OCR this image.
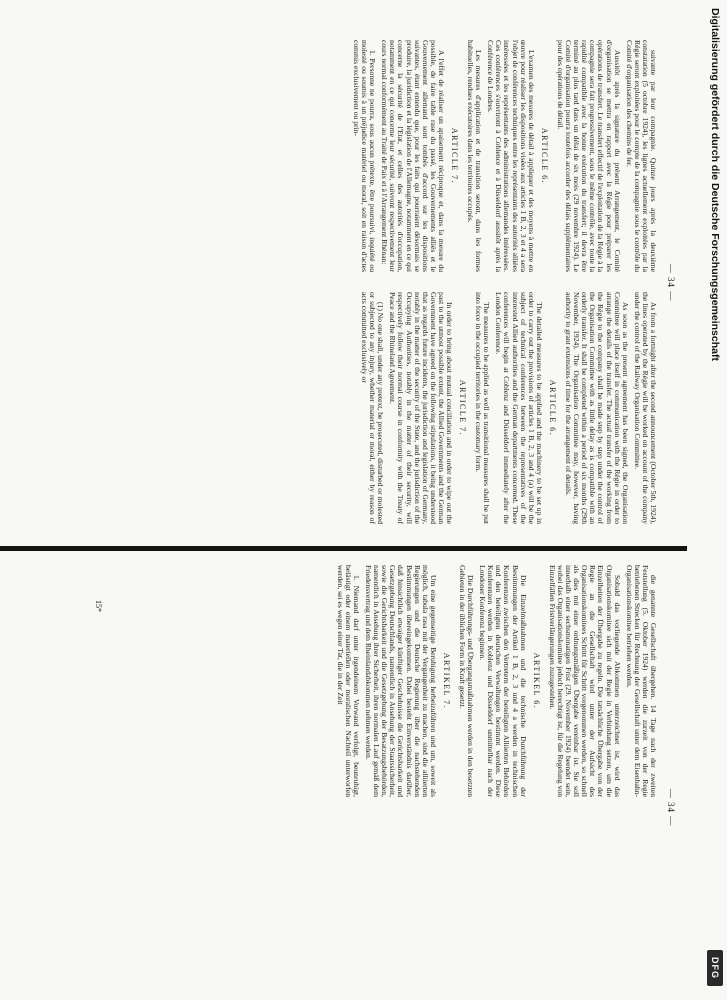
— 34 —

suivante par leur compagnie. Quinze jours après la deuxième constatation (5 octobre 1924), les lignes actuellement exploitées par la Régie seront exploitées pour le compte de la compagnie sous le contrôle du Comité d'organisation des chemins de fer.

Aussitôt après la signature du présent Arrangement, le Comité d'organisation se mettra en rapport avec la Régie pour préparer les opérations de transfert. Le transfert effectif de l'exploitation de la Régie à la compagnie sera fait progressivement, sous le même contrôle, avec toute la rapidité compatible avec la bonne exécution du transfert; il devra être terminé au plus tard dans un délai de six mois (29 novembre 1924). Le Comité d'organisation pourra toutefois accorder des délais supplémentaires pour des opérations de détail.

ARTICLE 6.

L'examen des mesures de détail à appliquer et des moyens à mettre en œuvre pour réaliser les dispositions visées aux articles 1 B, 2, 3 et 4 a sera l'objet de conférences techniques entre les représentants des autorités alliées intéressées et les représentants des administrations allemandes intéressées. Ces conférences s'ouvriront à Coblence et à Düsseldorf aussitôt après la Conférence de Londres.

Les mesures d'application et de transition seront, dans les formes habituelles, rendues exécutoires dans les territoires occupés.

ARTICLE 7.

A l'effet de réaliser un apaisement réciproque et, dans la mesure du possible, de faire table rase du passé, les Gouvernements alliés et le Gouvernement allemand sont tombés d'accord sur les dispositions suivantes, étant entendu que, pour les faits qui pourraient désormais se produire, la juridiction et la législation de l'Allemagne, notamment en ce qui concerne la sécurité de l'Etat, et celles des autorités d'occupation, notamment en ce qui concerne leur sécurité, suivront respectivement leur cours normal conformément au Traité de Paix et à l'Arrangement Rhénan:

1. Personne ne pourra, sous aucun prétexte, être poursuivi, inquiété ou molesté ou soumis à un préjudice matériel ou moral, soit en raison d'actes commis exclusivement ou prin-

As from a fortnight after the second announcement (October 5th, 1924), the lines operated by the Régie will be worked on account of the company under the control of the Railway Organisation Committee.

As soon as the present agreement has been signed, the Organisation Committee will place itself in communication with the Régie in order to arrange the details of the transfer. The actual transfer of the working from the Régie to the company shall be made step by step under the control of the Organisation Committee with as little delay as is compatible with an orderly transfer. It shall be completed within a period of six months (29th November, 1924). The Organisation Committee may, however, having authority to grant extensions of time for the arrangement of details.

ARTICLE 6.

The detailed measures to be applied and the machinery to be set up in order to carry out the provisions of articles 1 B, 2, 3 and 4 (a) will be the subject of technical conferences between the representatives of the interested Allied authorities and the German departments concerned. These conferences will begin at Coblenz and Düsseldorf immediately after the London Conference.

The measures to be applied as well as transitional measures shall be put into force in the occupied territories in the customary form.

ARTICLE 7.

In order to bring about mutual conciliation and in order to wipe out the past to the utmost possible extent, the Allied Governments and the German Government have agreed on the following stipulations, it being understood that as regards future incidents, the jurisdiction and legislation of Germany, notably in the matter of the security of the State, and the jurisdiction of the Occupying Authorities, notably in the matter of their security, will respectively follow their normal course in conformity with the Treaty of Peace and the Rhineland Agreement.

(1) No one shall, under any pretext, be prosecuted, disturbed or molested or subjected to any injury, whether material or moral, either by reason of acts committed exclusively or

— 34 —

die genannte Gesellschaft übergehen. 14 Tage nach der zweiten Feststellung (5. Oktober 1924) werden die zurzeit von der Regie betriebenen Strecken für Rechnung der Gesellschaft unter dem Eisenbahn-Organisationskomitee betrieben werden.

Sobald das vorliegende Abkommen unterzeichnet ist, wird das Organisationskomitee sich mit der Regie in Verbindung setzen, um die Einzelheiten der Übergabe zu regeln. Die tatsächliche Übergabe von der Regie an die Gesellschaft wird unter der Aufsicht des Organisationskomitees Schritt für Schritt vorgenommen werden, so schnell als dies mit einer ordnungsmäßigen Übergabe vereinbar ist. Sie soll innerhalb einer sechsmonatigen Frist (29. November 1924) beendet sein, wobei das Organisationskomitee jedoch berechtigt ist, für die Regelung von Einzelfällen Fristverlängerungen zuzugestehen.

ARTIKEL 6.

Die Einzelmaßnahmen und die technische Durchführung der Bestimmungen der Artikel 1 B, 2, 3 und 4 a werden in technischen Konferenzen zwischen den Vertretern der beteiligten Alliierten Behörden und den beteiligten deutschen Verwaltungen bestimmt werden. Diese Konferenzen werden in Koblenz und Düsseldorf unmittelbar nach der Londoner Konferenz beginnen.

Die Durchführungs- und Übergangsmaßnahmen werden in den besetzten Gebieten in der üblichen Form in Kraft gesetzt.

ARTIKEL 7.

Um eine gegenseitige Beruhigung herbeizuführen und um, soweit als möglich, tabula rasa mit der Vergangenheit zu machen, sind die alliierten Regierungen und die Deutsche Regierung über die nachstehenden Bestimmungen übereingekommen. Dabei besteht Einverständnis darüber, daß hinsichtlich etwaiger künftiger Geschehnisse die Gerichtsbarkeit und Gesetzgebung Deutschlands, namentlich in Ansehung der Staatssicherheit, sowie die Gerichtsbarkeit und die Gesetzgebung der Besatzungsbehörden, namentlich in Ansehung ihrer Sicherheit, ihren normalen Lauf gemäß dem Friedensvertrag und dem Rheinlandabkommen nehmen werden.

1. Niemand darf unter irgendeinem Vorwand verfolgt, beunruhigt, belästigt oder einem materiellen oder moralischen Nachteil unterworfen werden, sei es wegen einer Tat, die in der Zeit

15*
Digitalisierung gefördert durch die Deutsche Forschungsgemeinschaft
DFG
